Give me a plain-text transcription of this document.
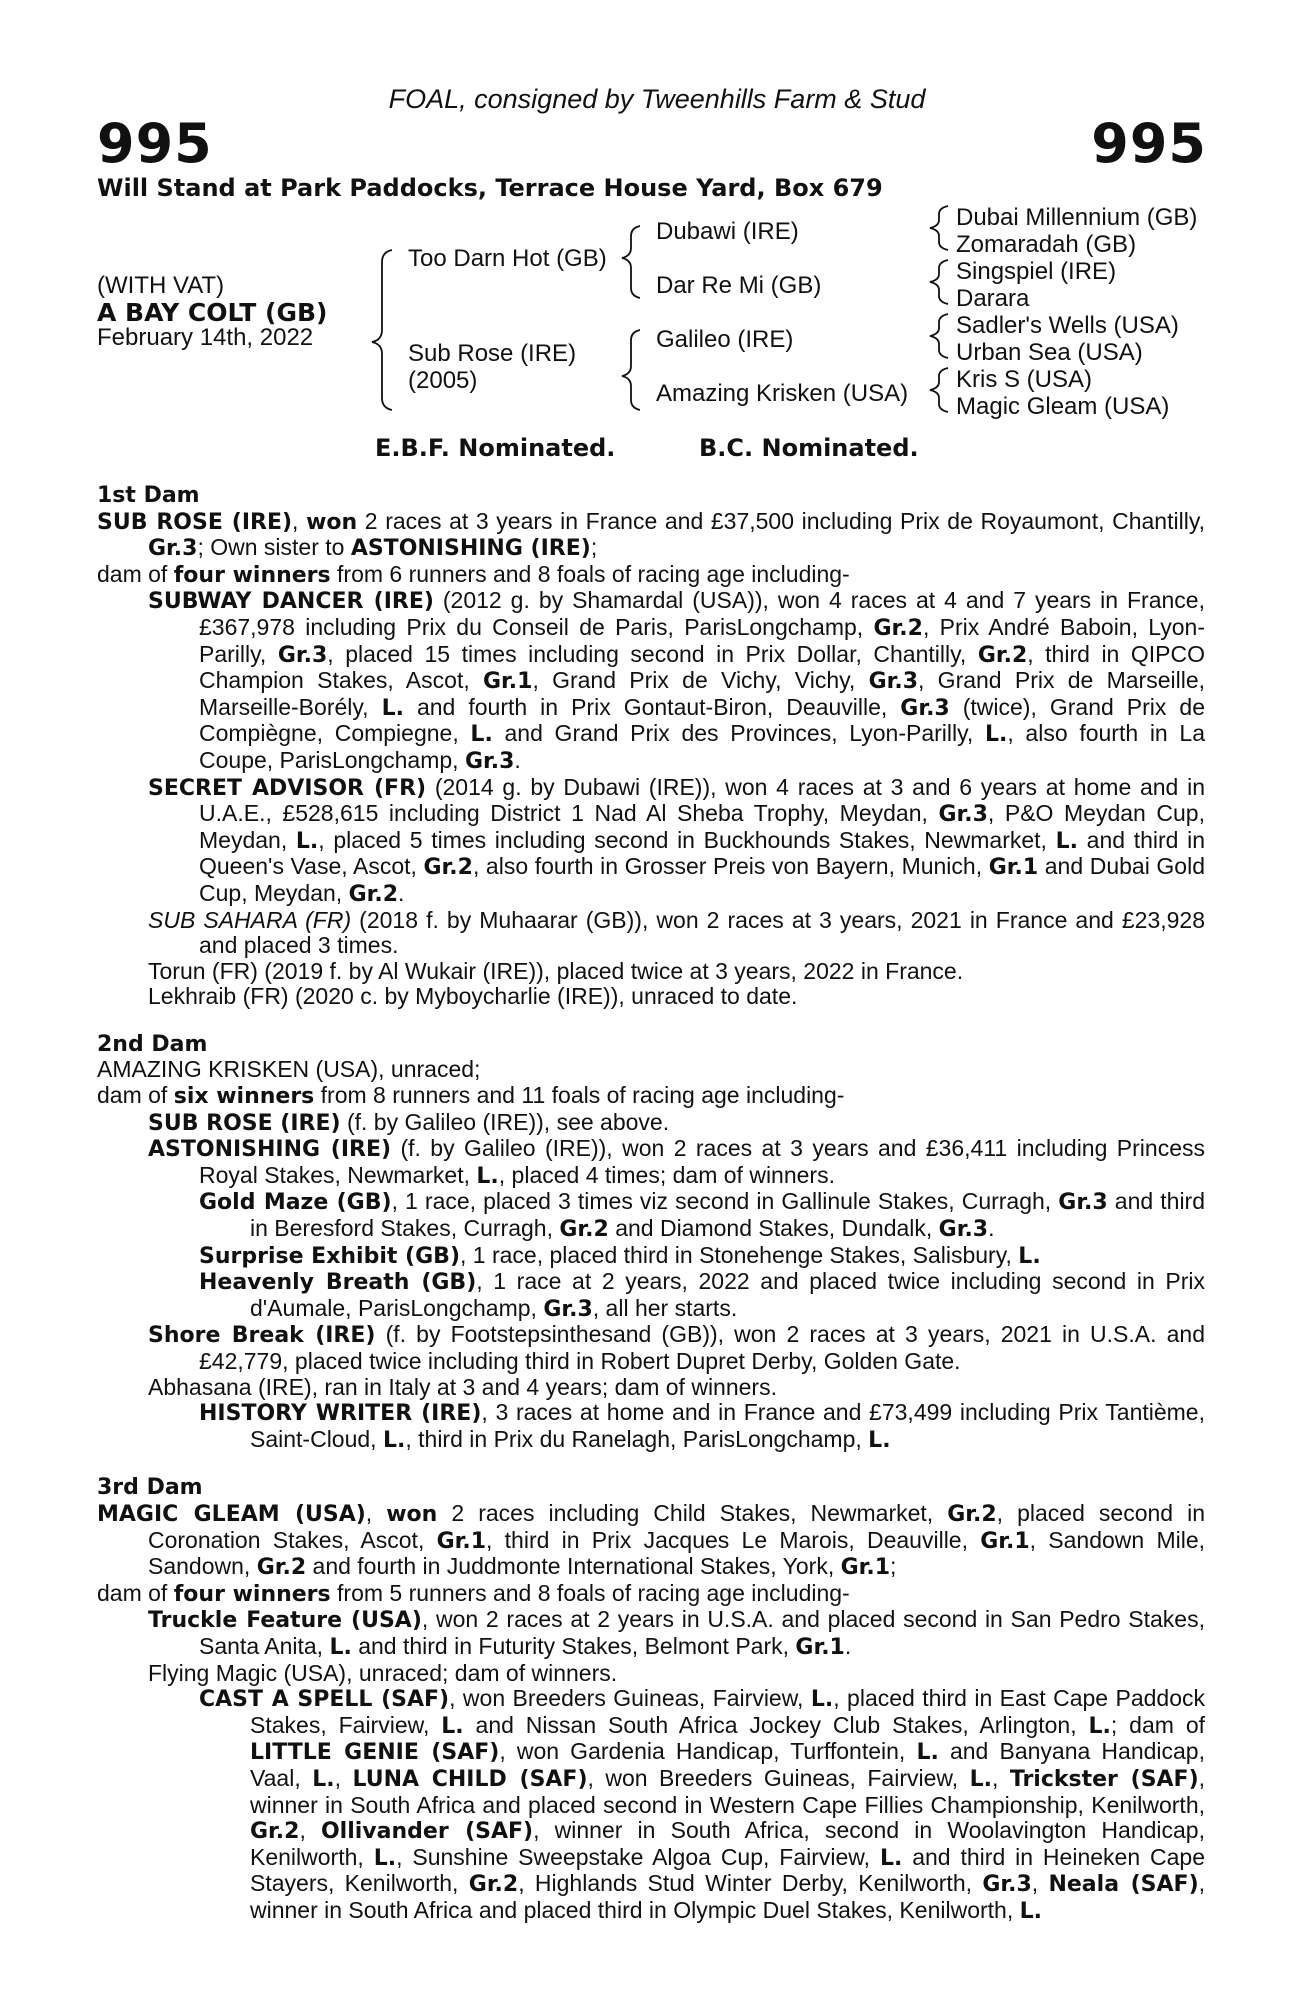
FOAL, consigned by Tweenhills Farm & Stud
995	995
Will Stand at Park Paddocks, Terrace House Yard, Box 679
(WITH VAT)
A BAY COLT (GB)
February 14th, 2022
Too Darn Hot (GB)
Sub Rose (IRE)
(2005)
Dubawi (IRE)
Dar Re Mi (GB)
Galileo (IRE)
Amazing Krisken (USA)
Dubai Millennium (GB)
Zomaradah (GB)
Singspiel (IRE)
Darara
Sadler's Wells (USA)
Urban Sea (USA)
Kris S (USA)
Magic Gleam (USA)
E.B.F. Nominated.	B.C. Nominated.

1st Dam

SUB ROSE (IRE), won 2 races at 3 years in France and £37,500 including Prix de Royaumont, Chantilly, Gr.3; Own sister to ASTONISHING (IRE);

dam of four winners from 6 runners and 8 foals of racing age including-

SUBWAY DANCER (IRE) (2012 g. by Shamardal (USA)), won 4 races at 4 and 7 years in France, £367,978 including Prix du Conseil de Paris, ParisLongchamp, Gr.2, Prix André Baboin, Lyon-Parilly, Gr.3, placed 15 times including second in Prix Dollar, Chantilly, Gr.2, third in QIPCO Champion Stakes, Ascot, Gr.1, Grand Prix de Vichy, Vichy, Gr.3, Grand Prix de Marseille, Marseille-Borély, L. and fourth in Prix Gontaut-Biron, Deauville, Gr.3 (twice), Grand Prix de Compiègne, Compiegne, L. and Grand Prix des Provinces, Lyon-Parilly, L., also fourth in La Coupe, ParisLongchamp, Gr.3.

SECRET ADVISOR (FR) (2014 g. by Dubawi (IRE)), won 4 races at 3 and 6 years at home and in U.A.E., £528,615 including District 1 Nad Al Sheba Trophy, Meydan, Gr.3, P&O Meydan Cup, Meydan, L., placed 5 times including second in Buckhounds Stakes, Newmarket, L. and third in Queen's Vase, Ascot, Gr.2, also fourth in Grosser Preis von Bayern, Munich, Gr.1 and Dubai Gold Cup, Meydan, Gr.2.

SUB SAHARA (FR) (2018 f. by Muhaarar (GB)), won 2 races at 3 years, 2021 in France and £23,928 and placed 3 times.

Torun (FR) (2019 f. by Al Wukair (IRE)), placed twice at 3 years, 2022 in France.

Lekhraib (FR) (2020 c. by Myboycharlie (IRE)), unraced to date.

2nd Dam

AMAZING KRISKEN (USA), unraced;

dam of six winners from 8 runners and 11 foals of racing age including-

SUB ROSE (IRE) (f. by Galileo (IRE)), see above.

ASTONISHING (IRE) (f. by Galileo (IRE)), won 2 races at 3 years and £36,411 including Princess Royal Stakes, Newmarket, L., placed 4 times; dam of winners.

Gold Maze (GB), 1 race, placed 3 times viz second in Gallinule Stakes, Curragh, Gr.3 and third in Beresford Stakes, Curragh, Gr.2 and Diamond Stakes, Dundalk, Gr.3.

Surprise Exhibit (GB), 1 race, placed third in Stonehenge Stakes, Salisbury, L.

Heavenly Breath (GB), 1 race at 2 years, 2022 and placed twice including second in Prix d'Aumale, ParisLongchamp, Gr.3, all her starts.

Shore Break (IRE) (f. by Footstepsinthesand (GB)), won 2 races at 3 years, 2021 in U.S.A. and £42,779, placed twice including third in Robert Dupret Derby, Golden Gate.

Abhasana (IRE), ran in Italy at 3 and 4 years; dam of winners.

HISTORY WRITER (IRE), 3 races at home and in France and £73,499 including Prix Tantième, Saint-Cloud, L., third in Prix du Ranelagh, ParisLongchamp, L.

3rd Dam

MAGIC GLEAM (USA), won 2 races including Child Stakes, Newmarket, Gr.2, placed second in Coronation Stakes, Ascot, Gr.1, third in Prix Jacques Le Marois, Deauville, Gr.1, Sandown Mile, Sandown, Gr.2 and fourth in Juddmonte International Stakes, York, Gr.1;

dam of four winners from 5 runners and 8 foals of racing age including-

Truckle Feature (USA), won 2 races at 2 years in U.S.A. and placed second in San Pedro Stakes, Santa Anita, L. and third in Futurity Stakes, Belmont Park, Gr.1.

Flying Magic (USA), unraced; dam of winners.

CAST A SPELL (SAF), won Breeders Guineas, Fairview, L., placed third in East Cape Paddock Stakes, Fairview, L. and Nissan South Africa Jockey Club Stakes, Arlington, L.; dam of LITTLE GENIE (SAF), won Gardenia Handicap, Turffontein, L. and Banyana Handicap, Vaal, L., LUNA CHILD (SAF), won Breeders Guineas, Fairview, L., Trickster (SAF), winner in South Africa and placed second in Western Cape Fillies Championship, Kenilworth, Gr.2, Ollivander (SAF), winner in South Africa, second in Woolavington Handicap, Kenilworth, L., Sunshine Sweepstake Algoa Cup, Fairview, L. and third in Heineken Cape Stayers, Kenilworth, Gr.2, Highlands Stud Winter Derby, Kenilworth, Gr.3, Neala (SAF), winner in South Africa and placed third in Olympic Duel Stakes, Kenilworth, L.
